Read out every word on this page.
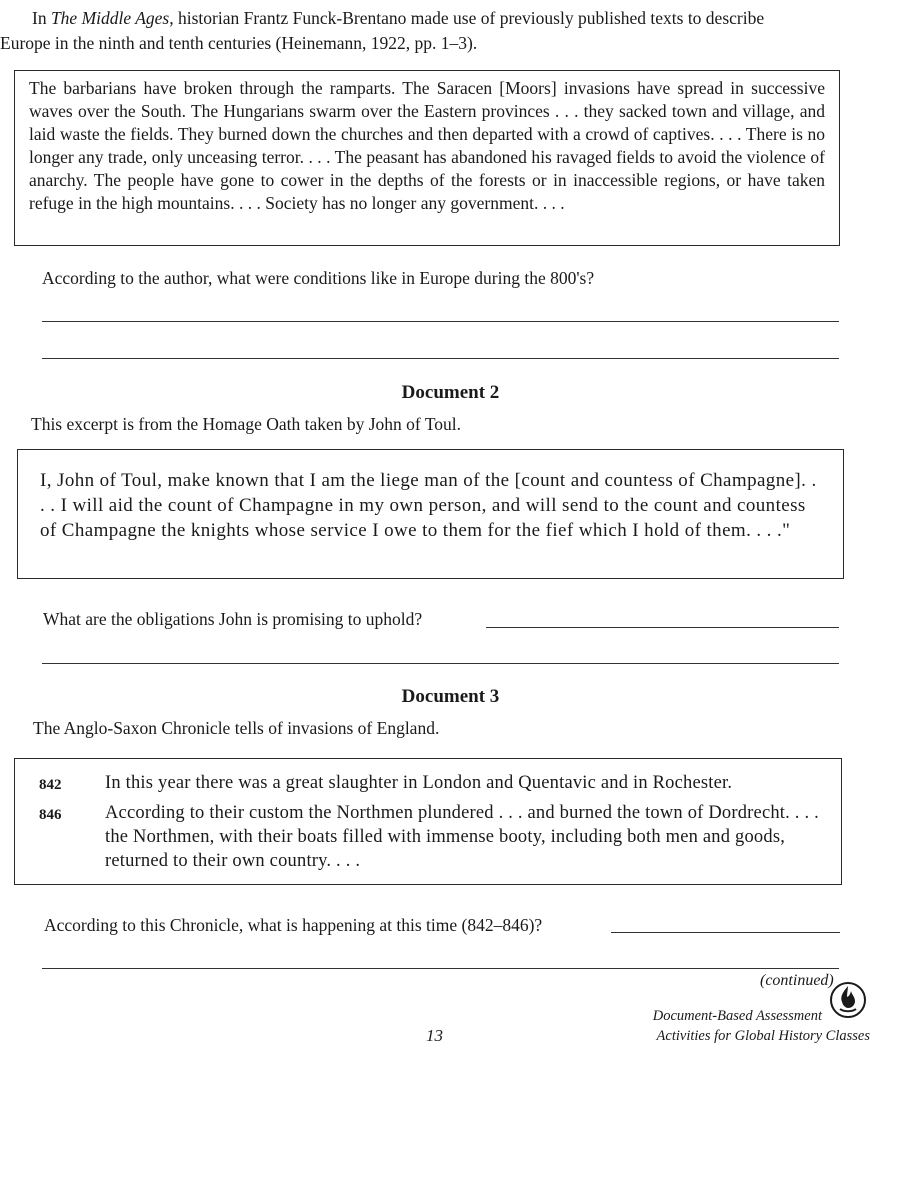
In The Middle Ages, historian Frantz Funck-Brentano made use of previously published texts to describe
Europe in the ninth and tenth centuries (Heinemann, 1922, pp. 1–3).

The barbarians have broken through the ramparts. The Saracen [Moors] invasions have spread in successive waves over the South. The Hungarians swarm over the Eastern provinces . . . they sacked town and village, and laid waste the fields. They burned down the churches and then departed with a crowd of captives. . . . There is no longer any trade, only unceasing terror. . . . The peasant has abandoned his ravaged fields to avoid the violence of anarchy. The people have gone to cower in the depths of the forests or in inaccessible regions, or have taken refuge in the high mountains. . . . Society has no longer any government. . . .

According to the author, what were conditions like in Europe during the 800's?
Document 2
This excerpt is from the Homage Oath taken by John of Toul.

I, John of Toul, make known that I am the liege man of the [count and countess of Champagne]. . . . I will aid the count of Champagne in my own person, and will send to the count and countess of Champagne the knights whose service I owe to them for the fief which I hold of them. . . ."

What are the obligations John is promising to uphold?
Document 3
The Anglo-Saxon Chronicle tells of invasions of England.
842	In this year there was a great slaughter in London and Quentavic and in Rochester.
846	According to their custom the Northmen plundered . . . and burned the town of Dordrecht. . . . the Northmen, with their boats filled with immense booty, including both men and goods, returned to their own country. . . .
According to this Chronicle, what is happening at this time (842–846)?
(continued)
Document-Based Assessment
Activities for Global History Classes
13
